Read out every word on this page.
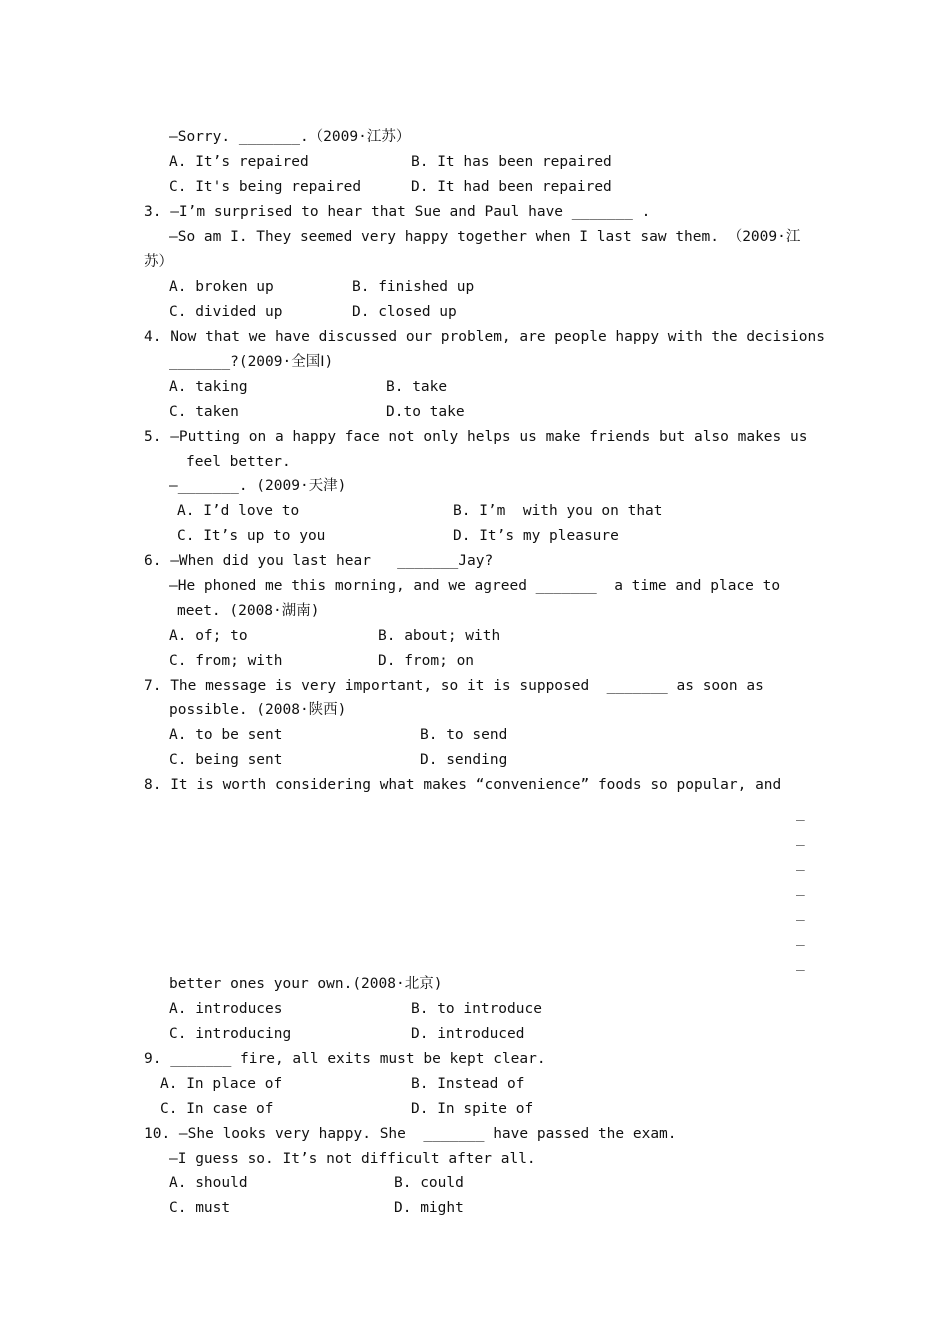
—Sorry. _______.（2009·江苏）
A. It’s repaired	B. It has been repaired
C. It's being repaired	D. It had been repaired
3. —I’m surprised to hear that Sue and Paul have _______ .
—So am I. They seemed very happy together when I last saw them. （2009·江
苏）
A. broken up	B. finished up
C. divided up	D. closed up
4. Now that we have discussed our problem, are people happy with the decisions
_______?(2009·全国Ⅰ)
A. taking	B. take
C. taken	D.to take
5. —Putting on a happy face not only helps us make friends but also makes us
feel better.
—_______. (2009·天津)
A. I’d love to	B. I’m  with you on that
C. It’s up to you	D. It’s my pleasure
6. —When did you last hear   _______Jay?
—He phoned me this morning, and we agreed _______  a time and place to
meet. (2008·湖南)
A. of; to	B. about; with
C. from; with	D. from; on
7. The message is very important, so it is supposed  _______ as soon as
possible. (2008·陕西)
A. to be sent	B. to send
C. being sent	D. sending
8. It is worth considering what makes “convenience” foods so popular, and
_
_
_
_
_
_
_
better ones your own.(2008·北京)
A. introduces	B. to introduce
C. introducing	D. introduced
9. _______ fire, all exits must be kept clear.
A. In place of	B. Instead of
C. In case of	D. In spite of
10. —She looks very happy. She  _______ have passed the exam.
—I guess so. It’s not difficult after all.
A. should	B. could
C. must	D. might
